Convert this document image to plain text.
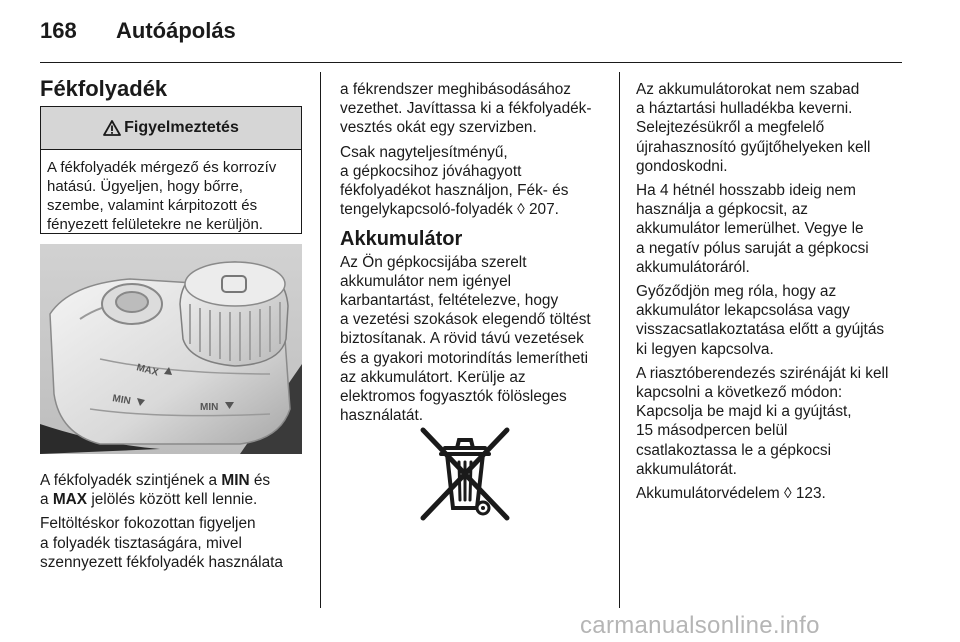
168 Autóápolás
Fékfolyadék
Figyelmeztetés
A fékfolyadék mérgező és korrozív hatású. Ügyeljen, hogy bőrre, szembe, valamint kárpitozott és fényezett felületekre ne kerüljön.
MAX
MIN
MIN

A fékfolyadék szintjének a MIN és
a MAX jelölés között kell lennie.

Feltöltéskor fokozottan figyeljen
a folyadék tisztaságára, mivel
szennyezett fékfolyadék használata

a fékrendszer meghibásodásához
vezethet. Javíttassa ki a fékfolyadék-
vesztés okát egy szervizben.

Csak nagyteljesítményű,
a gépkocsihoz jóváhagyott
fékfolyadékot használjon, Fék- és
tengelykapcsoló-folyadék ◊ 207.

Akkumulátor

Az Ön gépkocsijába szerelt
akkumulátor nem igényel
karbantartást, feltételezve, hogy
a vezetési szokások elegendő töltést
biztosítanak. A rövid távú vezetések
és a gyakori motorindítás lemerítheti
az akkumulátort. Kerülje az
elektromos fogyasztók fölösleges
használatát.

Az akkumulátorokat nem szabad
a háztartási hulladékba keverni.
Selejtezésükről a megfelelő
újrahasznosító gyűjtőhelyeken kell
gondoskodni.

Ha 4 hétnél hosszabb ideig nem
használja a gépkocsit, az
akkumulátor lemerülhet. Vegye le
a negatív pólus saruját a gépkocsi
akkumulátoráról.

Győződjön meg róla, hogy az
akkumulátor lekapcsolása vagy
visszacsatlakoztatása előtt a gyújtás
ki legyen kapcsolva.

A riasztóberendezés szirénáját ki kell
kapcsolni a következő módon:
Kapcsolja be majd ki a gyújtást,
15 másodpercen belül
csatlakoztassa le a gépkocsi
akkumulátorát.

Akkumulátorvédelem ◊ 123.

carmanualsonline.info
